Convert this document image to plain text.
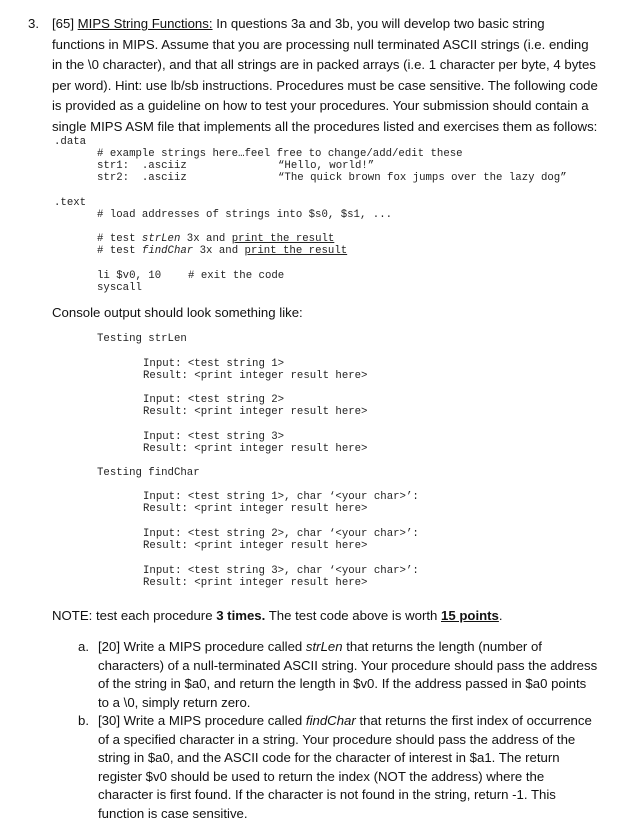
3. [65] MIPS String Functions: In questions 3a and 3b, you will develop two basic string functions in MIPS. Assume that you are processing null terminated ASCII strings (i.e. ending in the \0 character), and that all strings are in packed arrays (i.e. 1 character per byte, 4 bytes per word). Hint: use lb/sb instructions. Procedures must be case sensitive. The following code is provided as a guideline on how to test your procedures. Your submission should contain a single MIPS ASM file that implements all the procedures listed and exercises them as follows:
.data
# example strings here…feel free to change/add/edit these
str1:  .asciiz	“Hello, world!”
str2:  .asciiz	“The quick brown fox jumps over the lazy dog”
.text
# load addresses of strings into $s0, $s1, ...
# test strLen 3x and print the result
# test findChar 3x and print the result
li $v0, 10	# exit the code
syscall
Console output should look something like:
Testing strLen
Input: <test string 1>
Result: <print integer result here>
Input: <test string 2>
Result: <print integer result here>
Input: <test string 3>
Result: <print integer result here>
Testing findChar
Input: <test string 1>, char ‘<your char>’:
Result: <print integer result here>
Input: <test string 2>, char ‘<your char>’:
Result: <print integer result here>
Input: <test string 3>, char ‘<your char>’:
Result: <print integer result here>
NOTE: test each procedure 3 times. The test code above is worth 15 points.
a. [20] Write a MIPS procedure called strLen that returns the length (number of characters) of a null-terminated ASCII string. Your procedure should pass the address of the string in $a0, and return the length in $v0. If the address passed in $a0 points to a \0, simply return zero.
b. [30] Write a MIPS procedure called findChar that returns the first index of occurrence of a specified character in a string. Your procedure should pass the address of the string in $a0, and the ASCII code for the character of interest in $a1. The return register $v0 should be used to return the index (NOT the address) where the character is first found. If the character is not found in the string, return -1. This function is case sensitive.
